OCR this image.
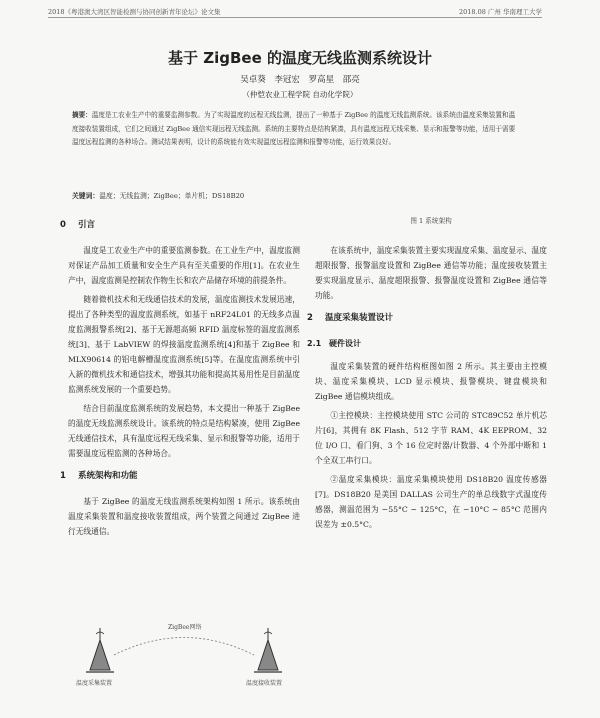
2018《粤港澳大湾区智能检测与协同创新青年论坛》论文集	2018.08 广州 华南理工大学
基于 ZigBee 的温度无线监测系统设计
吴卓葵 李冠宏 罗高星 邵亮
（仲恺农业工程学院 自动化学院）
摘要：温度是工农业生产中的重要监测参数。为了实现温度的远程无线监测，提出了一种基于 ZigBee 的温度无线监测系统。该系统由温度采集装置和温度接收装置组成，它们之间通过 ZigBee 通信实现远程无线监测。系统的主要特点是结构紧凑，具有温度远程无线采集、显示和报警等功能，适用于需要温度远程监测的各种场合。测试结果表明，设计的系统能有效实现温度远程监测和报警等功能，运行效果良好。
关键词：温度；无线监测；ZigBee；单片机；DS18B20
0 引言

温度是工农业生产中的重要监测参数。在工业生产中，温度监测对保证产品加工质量和安全生产具有至关重要的作用[1]。在农业生产中，温度监测是控制农作物生长和农产品储存环境的前提条件。

随着微机技术和无线通信技术的发展，温度监测技术发展迅速，提出了各种类型的温度监测系统，如基于 nRF24L01 的无线多点温度监测报警系统[2]、基于无源超高频 RFID 温度标签的温度监测系统[3]、基于 LabVIEW 的焊接温度监测系统[4]和基于 ZigBee 和 MLX90614 的铝电解槽温度监测系统[5]等。在温度监测系统中引入新的微机技术和通信技术，增强其功能和提高其易用性是目前温度监测系统发展的一个重要趋势。

结合目前温度监测系统的发展趋势，本文提出一种基于 ZigBee 的温度无线监测系统设计。该系统的特点是结构紧凑，使用 ZigBee 无线通信技术，具有温度远程无线采集、显示和报警等功能，适用于需要温度远程监测的各种场合。

1 系统架构和功能

基于 ZigBee 的温度无线监测系统架构如图 1 所示。该系统由温度采集装置和温度接收装置组成，两个装置之间通过 ZigBee 进行无线通信。

ZigBee网络
温度采集装置	温度接收装置
图 1 系统架构

在该系统中，温度采集装置主要实现温度采集、温度显示、温度超限报警、报警温度设置和 ZigBee 通信等功能；温度接收装置主要实现温度显示、温度超限报警、报警温度设置和 ZigBee 通信等功能。

2 温度采集装置设计
2.1 硬件设计

温度采集装置的硬件结构框图如图 2 所示。其主要由主控模块、温度采集模块、LCD 显示模块、报警模块、键盘模块和 ZigBee 通信模块组成。

①主控模块：主控模块使用 STC 公司的 STC89C52 单片机芯片[6]，其拥有 8K Flash、512 字节 RAM、4K EEPROM、32 位 I/O 口、看门狗、3 个 16 位定时器/计数器、4 个外部中断和 1 个全双工串行口。

②温度采集模块：温度采集模块使用 DS18B20 温度传感器[7]。DS18B20 是美国 DALLAS 公司生产的单总线数字式温度传感器，测温范围为 −55°C ~ 125°C，在 −10°C ~ 85°C 范围内误差为 ±0.5°C。
